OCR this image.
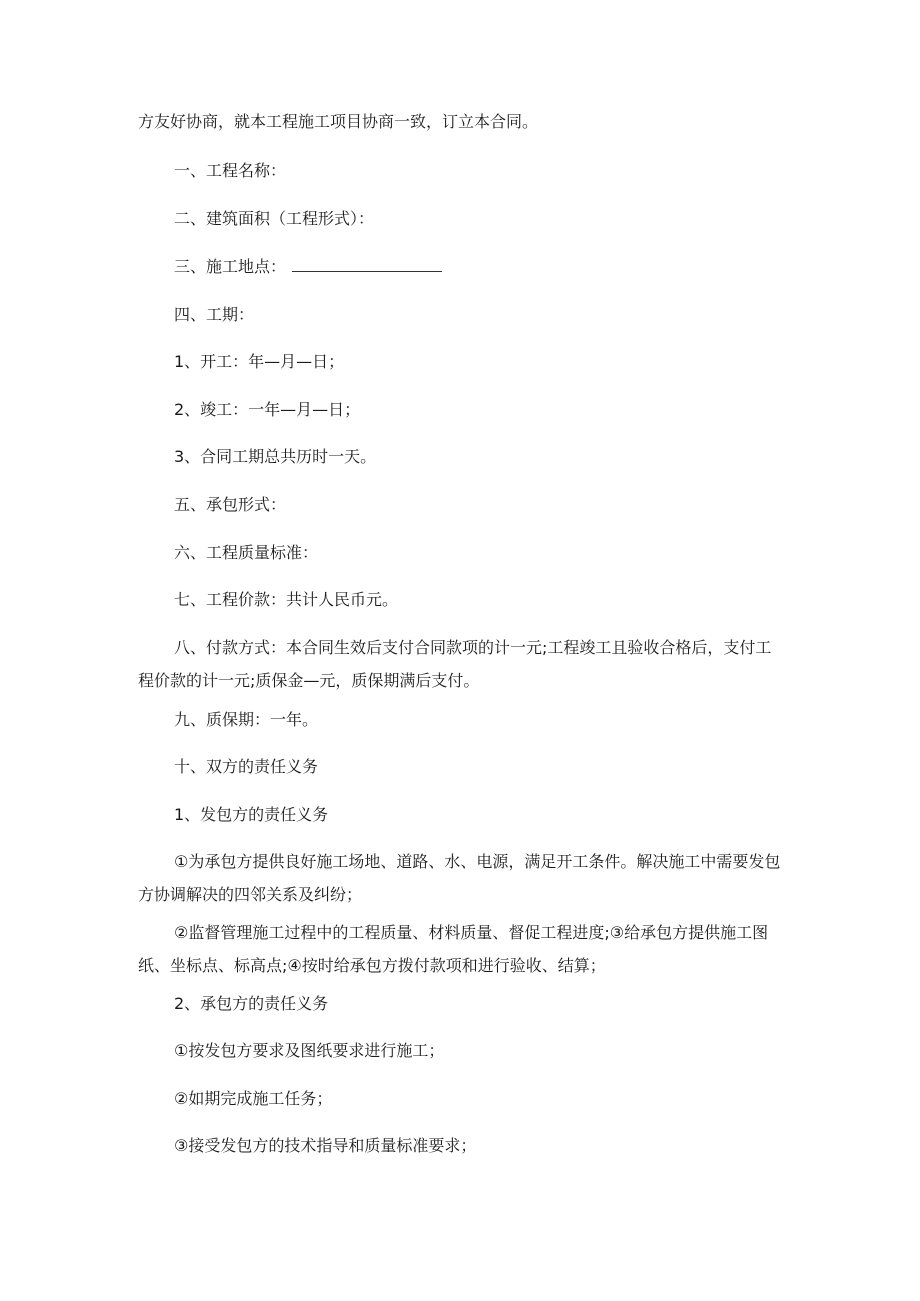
方友好协商，就本工程施工项目协商一致，订立本合同。

一、工程名称：

二、建筑面积（工程形式）：

三、施工地点：

四、工期：

1、开工：年—月—日；

2、竣工：一年—月—日；

3、合同工期总共历时一天。

五、承包形式：

六、工程质量标准：

七、工程价款：共计人民币元。

八、付款方式：本合同生效后支付合同款项的计一元;工程竣工且验收合格后，支付工程价款的计一元;质保金—元，质保期满后支付。

九、质保期：一年。

十、双方的责任义务

1、发包方的责任义务

①为承包方提供良好施工场地、道路、水、电源，满足开工条件。解决施工中需要发包方协调解决的四邻关系及纠纷；

②监督管理施工过程中的工程质量、材料质量、督促工程进度;③给承包方提供施工图纸、坐标点、标高点;④按时给承包方拨付款项和进行验收、结算；

2、承包方的责任义务

①按发包方要求及图纸要求进行施工；

②如期完成施工任务；

③接受发包方的技术指导和质量标准要求；
